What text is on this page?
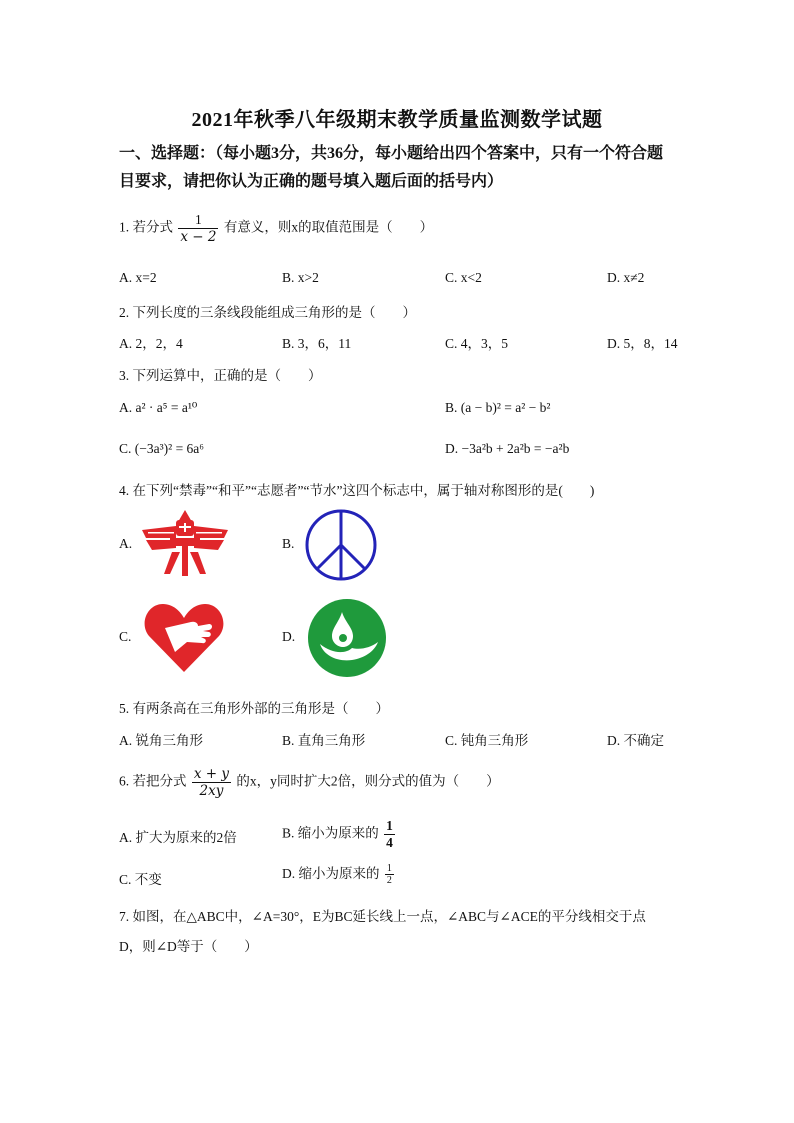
2021年秋季八年级期末教学质量监测数学试题
一、选择题：（每小题3分，共36分，每小题给出四个答案中，只有一个符合题
目要求，请把你认为正确的题号填入题后面的括号内）
1. 若分式 $\frac{1}{x - 2}$ 有意义，则x的取值范围是（　　）
A. x=2	B. x>2	C. x<2	D. x≠2
2. 下列长度的三条线段能组成三角形的是（　　）
A. 2，2，4	B. 3，6，11	C. 4，3，5	D. 5，8，14
3. 下列运算中，正确的是（　　）
A. a² · a⁵ = a¹⁰	B. (a − b)² = a² − b²
C. (−3a³)² = 6a⁶	D. −3a²b + 2a²b = −a²b
4. 在下列“禁毒”“和平”“志愿者”“节水”这四个标志中，属于轴对称图形的是(　　)
A.	B.
C.	D.
5. 有两条高在三角形外部的三角形是（　　）
A. 锐角三角形	B. 直角三角形	C. 钝角三角形	D. 不确定
6. 若把分式 $\frac{x + y}{2xy}$ 的x，y同时扩大2倍，则分式的值为（　　）
A. 扩大为原来的2倍	B. 缩小为原来的 $\frac{1}{4}$
C. 不变	D. 缩小为原来的 $\frac{1}{2}$
7. 如图，在△ABC中，∠A=30°，E为BC延长线上一点，∠ABC与∠ACE的平分线相交于点
D，则∠D等于（　　）
